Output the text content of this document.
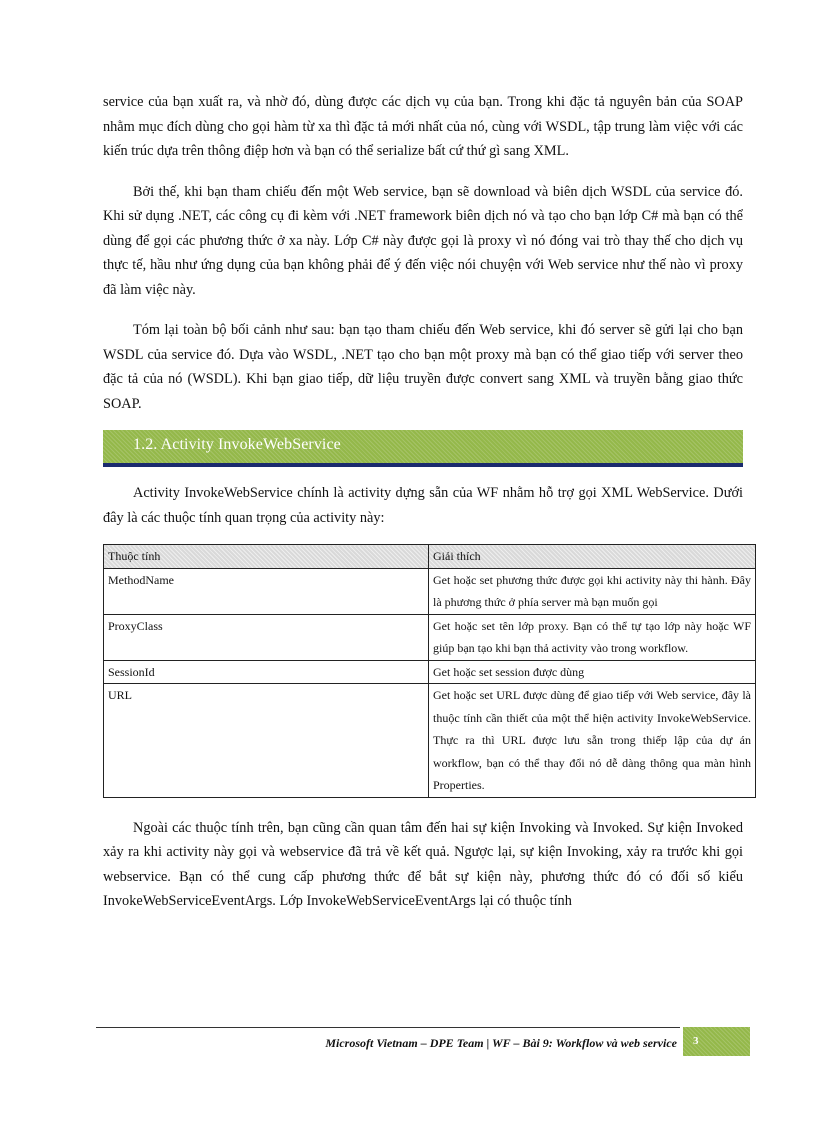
service của bạn xuất ra, và nhờ đó, dùng được các dịch vụ của bạn. Trong khi đặc tả nguyên bản của SOAP nhằm mục đích dùng cho gọi hàm từ xa thì đặc tả mới nhất của nó, cùng với WSDL, tập trung làm việc với các kiến trúc dựa trên thông điệp hơn và bạn có thể serialize bất cứ thứ gì sang XML.

Bởi thế, khi bạn tham chiếu đến một Web service, bạn sẽ download và biên dịch WSDL của service đó. Khi sử dụng .NET, các công cụ đi kèm với .NET framework biên dịch nó và tạo cho bạn lớp C# mà bạn có thể dùng để gọi các phương thức ở xa này. Lớp C# này được gọi là proxy vì nó đóng vai trò thay thế cho dịch vụ thực tế, hầu như ứng dụng của bạn không phải để ý đến việc nói chuyện với Web service như thế nào vì proxy đã làm việc này.

Tóm lại toàn bộ bối cảnh như sau: bạn tạo tham chiếu đến Web service, khi đó server sẽ gửi lại cho bạn WSDL của service đó. Dựa vào WSDL, .NET tạo cho bạn một proxy mà bạn có thể giao tiếp với server theo đặc tả của nó (WSDL). Khi bạn giao tiếp, dữ liệu truyền được convert sang XML và truyền bằng giao thức SOAP.

1.2. Activity InvokeWebService

Activity InvokeWebService chính là activity dựng sẵn của WF nhằm hỗ trợ gọi XML WebService. Dưới đây là các thuộc tính quan trọng của activity này:

Thuộc tính	Giải thích
MethodName	Get hoặc set phương thức được gọi khi activity này thi hành. Đây là phương thức ở phía server mà bạn muốn gọi
ProxyClass	Get hoặc set tên lớp proxy. Bạn có thể tự tạo lớp này hoặc WF giúp bạn tạo khi bạn thả activity vào trong workflow.
SessionId	Get hoặc set session được dùng
URL	Get hoặc set URL được dùng để giao tiếp với Web service, đây là thuộc tính cần thiết của một thể hiện activity InvokeWebService. Thực ra thì URL được lưu sẵn trong thiếp lập của dự án workflow, bạn có thể thay đổi nó dễ dàng thông qua màn hình Properties.

Ngoài các thuộc tính trên, bạn cũng cần quan tâm đến hai sự kiện Invoking và Invoked. Sự kiện Invoked xảy ra khi activity này gọi và webservice đã trả về kết quả. Ngược lại, sự kiện Invoking, xảy ra trước khi gọi webservice. Bạn có thể cung cấp phương thức để bắt sự kiện này, phương thức đó có đối số kiểu InvokeWebServiceEventArgs. Lớp InvokeWebServiceEventArgs lại có thuộc tính

Microsoft Vietnam – DPE Team | WF – Bài 9: Workflow và web service 3
